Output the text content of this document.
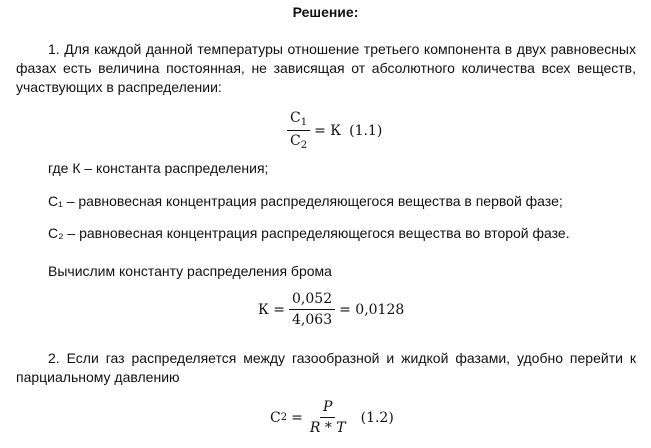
Решение:
1. Для каждой данной температуры отношение третьего компонента в двух равновесных фазах есть величина постоянная, не зависящая от абсолютного количества всех веществ, участвующих в распределении:
$\frac{C_1}{C_2} = К$ (1.1)
где К – константа распределения;
C₁ – равновесная концентрация распределяющегося вещества в первой фазе;
C₂ – равновесная концентрация распределяющегося вещества во второй фазе.
Вычислим константу распределения брома
$К = \frac{0,052}{4,063} = 0,0128$
2. Если газ распределяется между газообразной и жидкой фазами, удобно перейти к парциальному давлению
C $2 = \frac{P}{R * T} (1.2)$
